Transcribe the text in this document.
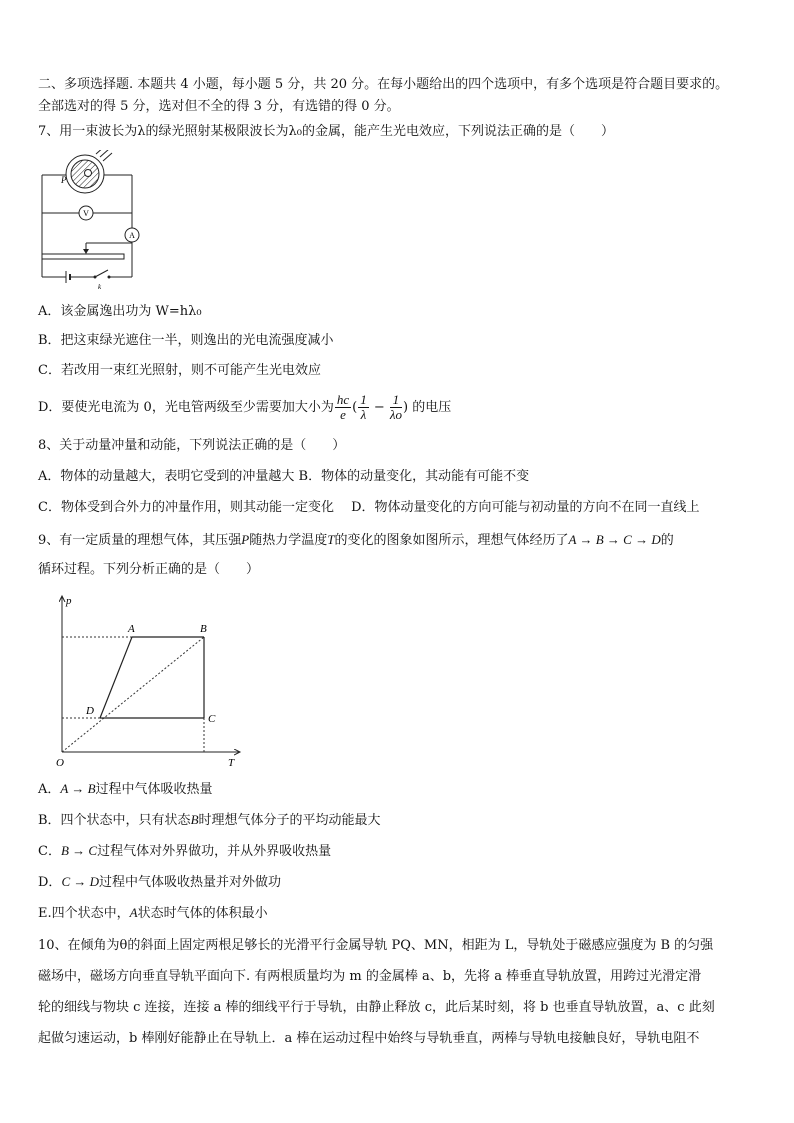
二、多项选择题. 本题共 4 小题，每小题 5 分，共 20 分。在每小题给出的四个选项中，有多个选项是符合题目要求的。
全部选对的得 5 分，选对但不全的得 3 分，有选错的得 0 分。
7、用一束波长为λ的绿光照射某极限波长为λ₀的金属，能产生光电效应，下列说法正确的是（　　）
P
V
A
k
A．该金属逸出功为 W=hλ₀
B．把这束绿光遮住一半，则逸出的光电流强度减小
C．若改用一束红光照射，则不可能产生光电效应
D．要使光电流为 0，光电管两级至少需要加大小为 $\frac{hc}{e}$ ( $\frac{1}{\lambda} - \frac{1}{\lambda o}$ ) 的电压
8、关于动量冲量和动能，下列说法正确的是（　　）
A．物体的动量越大，表明它受到的冲量越大 B．物体的动量变化，其动能有可能不变
C．物体受到合外力的冲量作用，则其动能一定变化　 D．物体动量变化的方向可能与初动量的方向不在同一直线上
9、有一定质量的理想气体，其压强P随热力学温度T的变化的图象如图所示，理想气体经历了A → B → C → D的
循环过程。下列分析正确的是（　　）
p
T
O
A	B
C
D
A．A → B过程中气体吸收热量
B．四个状态中，只有状态B时理想气体分子的平均动能最大
C．B → C过程气体对外界做功，并从外界吸收热量
D．C → D过程中气体吸收热量并对外做功
E.四个状态中，A状态时气体的体积最小
10、在倾角为θ的斜面上固定两根足够长的光滑平行金属导轨 PQ、MN，相距为 L，导轨处于磁感应强度为 B 的匀强
磁场中，磁场方向垂直导轨平面向下. 有两根质量均为 m 的金属棒 a、b，先将 a 棒垂直导轨放置，用跨过光滑定滑
轮的细线与物块 c 连接，连接 a 棒的细线平行于导轨，由静止释放 c，此后某时刻，将 b 也垂直导轨放置，a、c 此刻
起做匀速运动，b 棒刚好能静止在导轨上．a 棒在运动过程中始终与导轨垂直，两棒与导轨电接触良好，导轨电阻不
